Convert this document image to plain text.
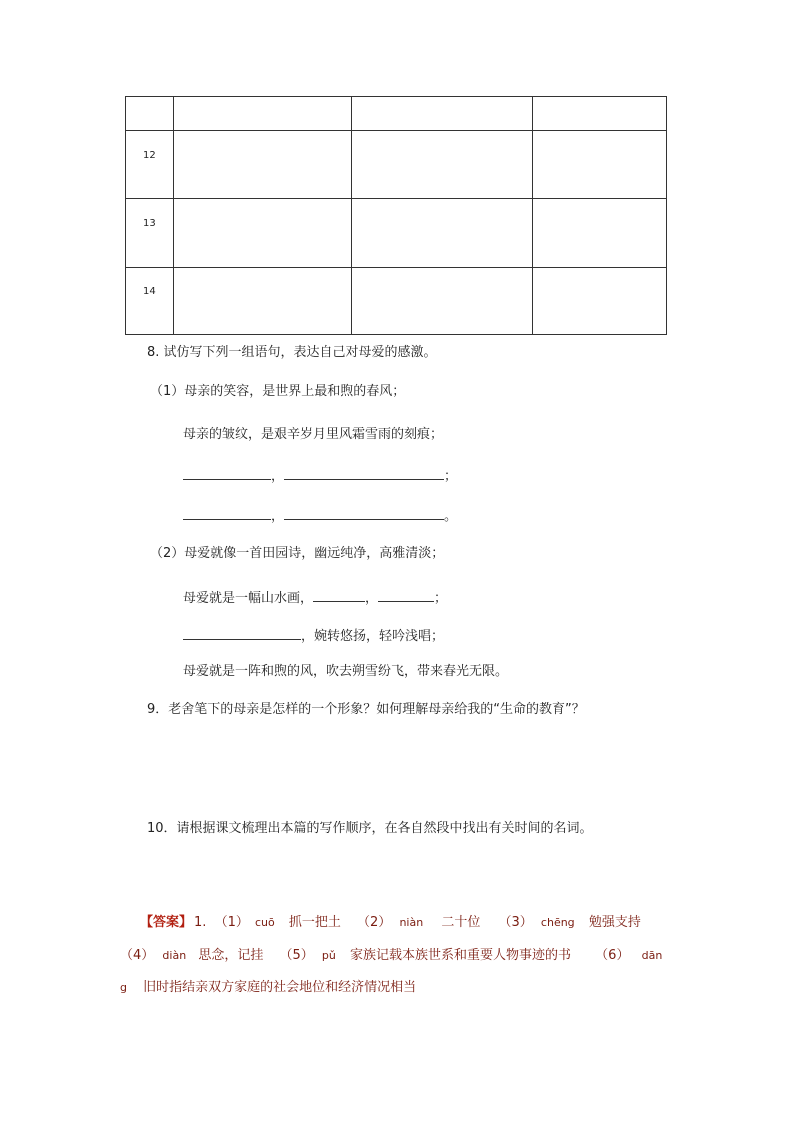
12
13
14
8. 试仿写下列一组语句，表达自己对母爱的感激。
（1）母亲的笑容，是世界上最和煦的春风；
母亲的皱纹，是艰辛岁月里风霜雪雨的刻痕；
，	；
，	。
（2）母爱就像一首田园诗，幽远纯净，高雅清淡；
母爱就是一幅山水画，	，	；
，婉转悠扬，轻吟浅唱；
母爱就是一阵和煦的风，吹去朔雪纷飞，带来春光无限。
9．老舍笔下的母亲是怎样的一个形象？如何理解母亲给我的“生命的教育”？
10．请根据课文梳理出本篇的写作顺序，在各自然段中找出有关时间的名词。
【答案】 1. （1） cuō 抓一把土 （2） niàn 二十位 （3） chēng 勉强支持
（4） diàn 思念，记挂 （5） pǔ 家族记载本族世系和重要人物事迹的书 （6） dān
g 旧时指结亲双方家庭的社会地位和经济情况相当
